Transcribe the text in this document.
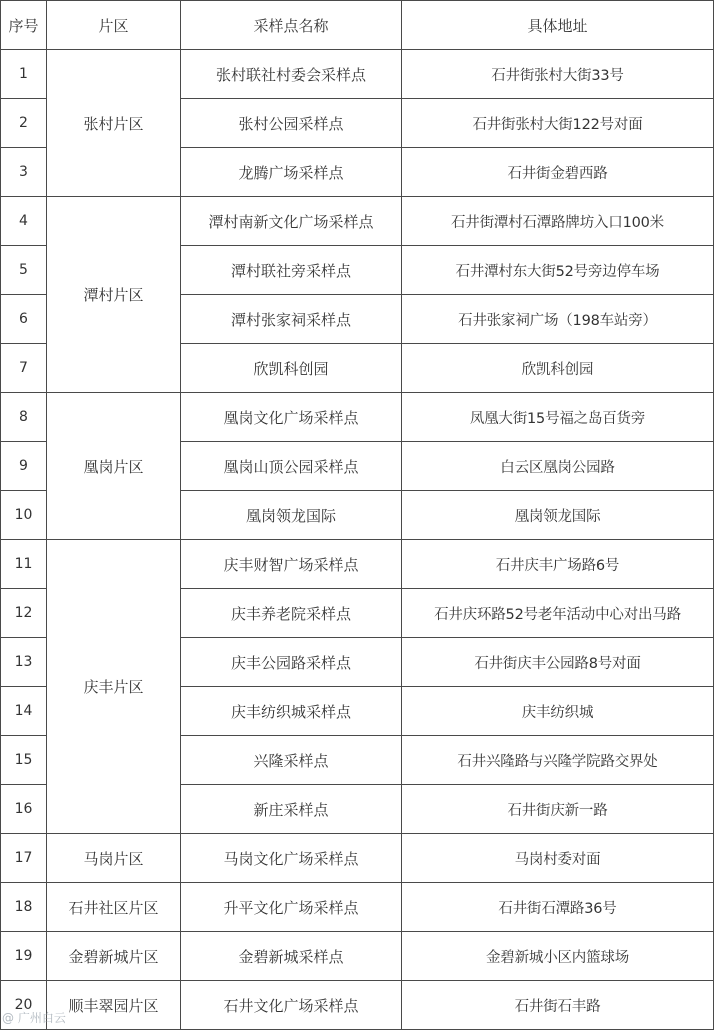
序号	片区	采样点名称	具体地址
1	张村片区	张村联社村委会采样点	石井街张村大街33号
2		张村公园采样点	石井街张村大街122号对面
3		龙腾广场采样点	石井街金碧西路
4	潭村片区	潭村南新文化广场采样点	石井街潭村石潭路牌坊入口100米
5		潭村联社旁采样点	石井潭村东大街52号旁边停车场
6		潭村张家祠采样点	石井张家祠广场（198车站旁）
7		欣凯科创园	欣凯科创园
8	凰岗片区	凰岗文化广场采样点	凤凰大街15号福之岛百货旁
9		凰岗山顶公园采样点	白云区凰岗公园路
10		凰岗领龙国际	凰岗领龙国际
11	庆丰片区	庆丰财智广场采样点	石井庆丰广场路6号
12		庆丰养老院采样点	石井庆环路52号老年活动中心对出马路
13		庆丰公园路采样点	石井街庆丰公园路8号对面
14		庆丰纺织城采样点	庆丰纺织城
15		兴隆采样点	石井兴隆路与兴隆学院路交界处
16		新庄采样点	石井街庆新一路
17	马岗片区	马岗文化广场采样点	马岗村委对面
18	石井社区片区	升平文化广场采样点	石井街石潭路36号
19	金碧新城片区	金碧新城采样点	金碧新城小区内篮球场
20	顺丰翠园片区	石井文化广场采样点	石井街石丰路
@ 广州白云
